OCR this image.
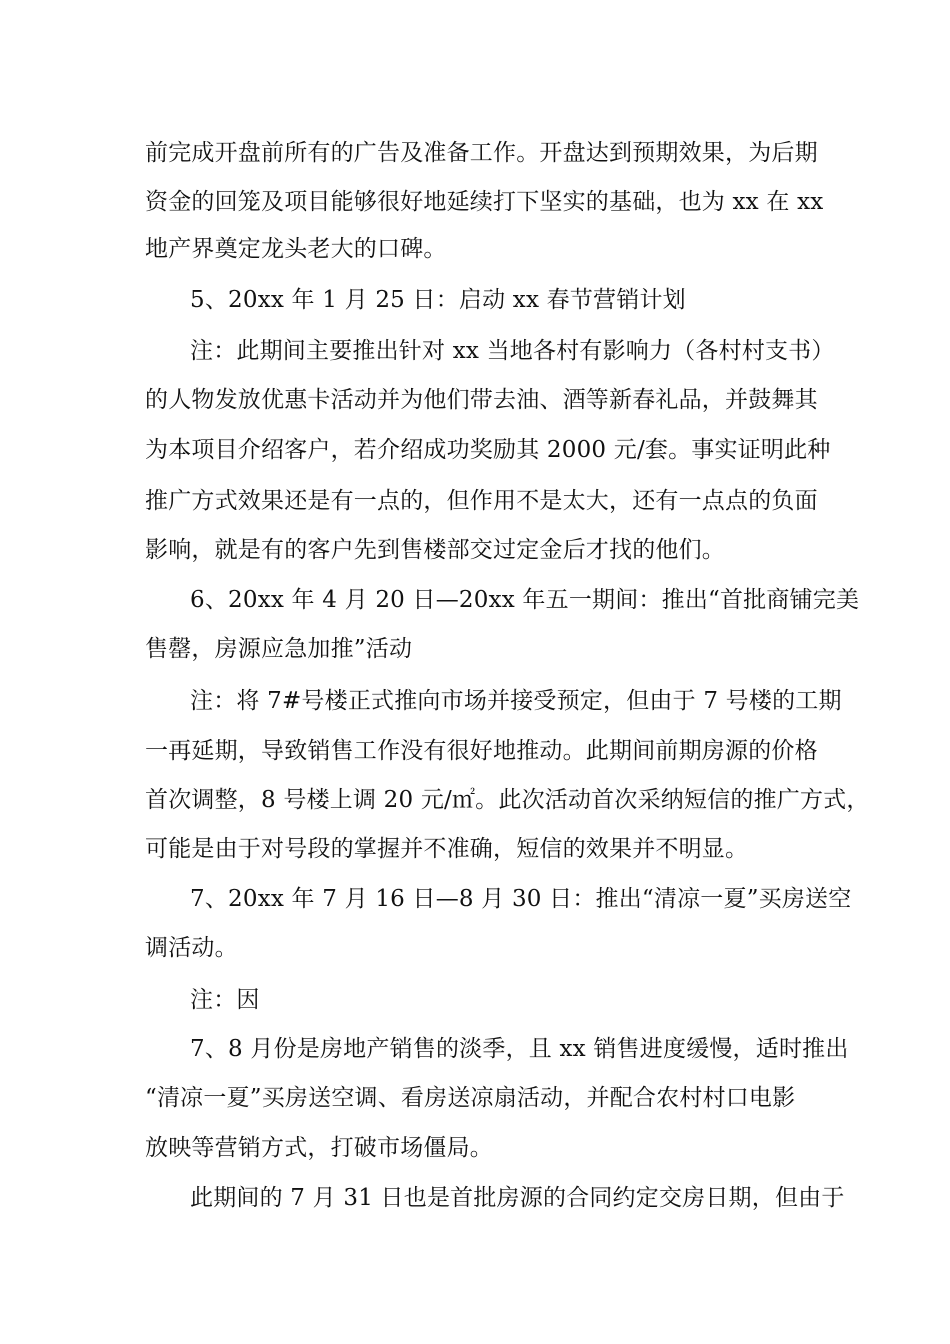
前完成开盘前所有的广告及准备工作。开盘达到预期效果，为后期
资金的回笼及项目能够很好地延续打下坚实的基础，也为 xx 在 xx
地产界奠定龙头老大的口碑。
5、20xx 年 1 月 25 日：启动 xx 春节营销计划
注：此期间主要推出针对 xx 当地各村有影响力（各村村支书）
的人物发放优惠卡活动并为他们带去油、酒等新春礼品，并鼓舞其
为本项目介绍客户，若介绍成功奖励其 2000 元/套。事实证明此种
推广方式效果还是有一点的，但作用不是太大，还有一点点的负面
影响，就是有的客户先到售楼部交过定金后才找的他们。
6、20xx 年 4 月 20 日—20xx 年五一期间：推出“首批商铺完美
售罄，房源应急加推”活动
注：将 7#号楼正式推向市场并接受预定，但由于 7 号楼的工期
一再延期，导致销售工作没有很好地推动。此期间前期房源的价格
首次调整，8 号楼上调 20 元/㎡。此次活动首次采纳短信的推广方式，
可能是由于对号段的掌握并不准确，短信的效果并不明显。
7、20xx 年 7 月 16 日—8 月 30 日：推出“清凉一夏”买房送空
调活动。
注：因
7、8 月份是房地产销售的淡季，且 xx 销售进度缓慢，适时推出
“清凉一夏”买房送空调、看房送凉扇活动，并配合农村村口电影
放映等营销方式，打破市场僵局。
此期间的 7 月 31 日也是首批房源的合同约定交房日期，但由于
